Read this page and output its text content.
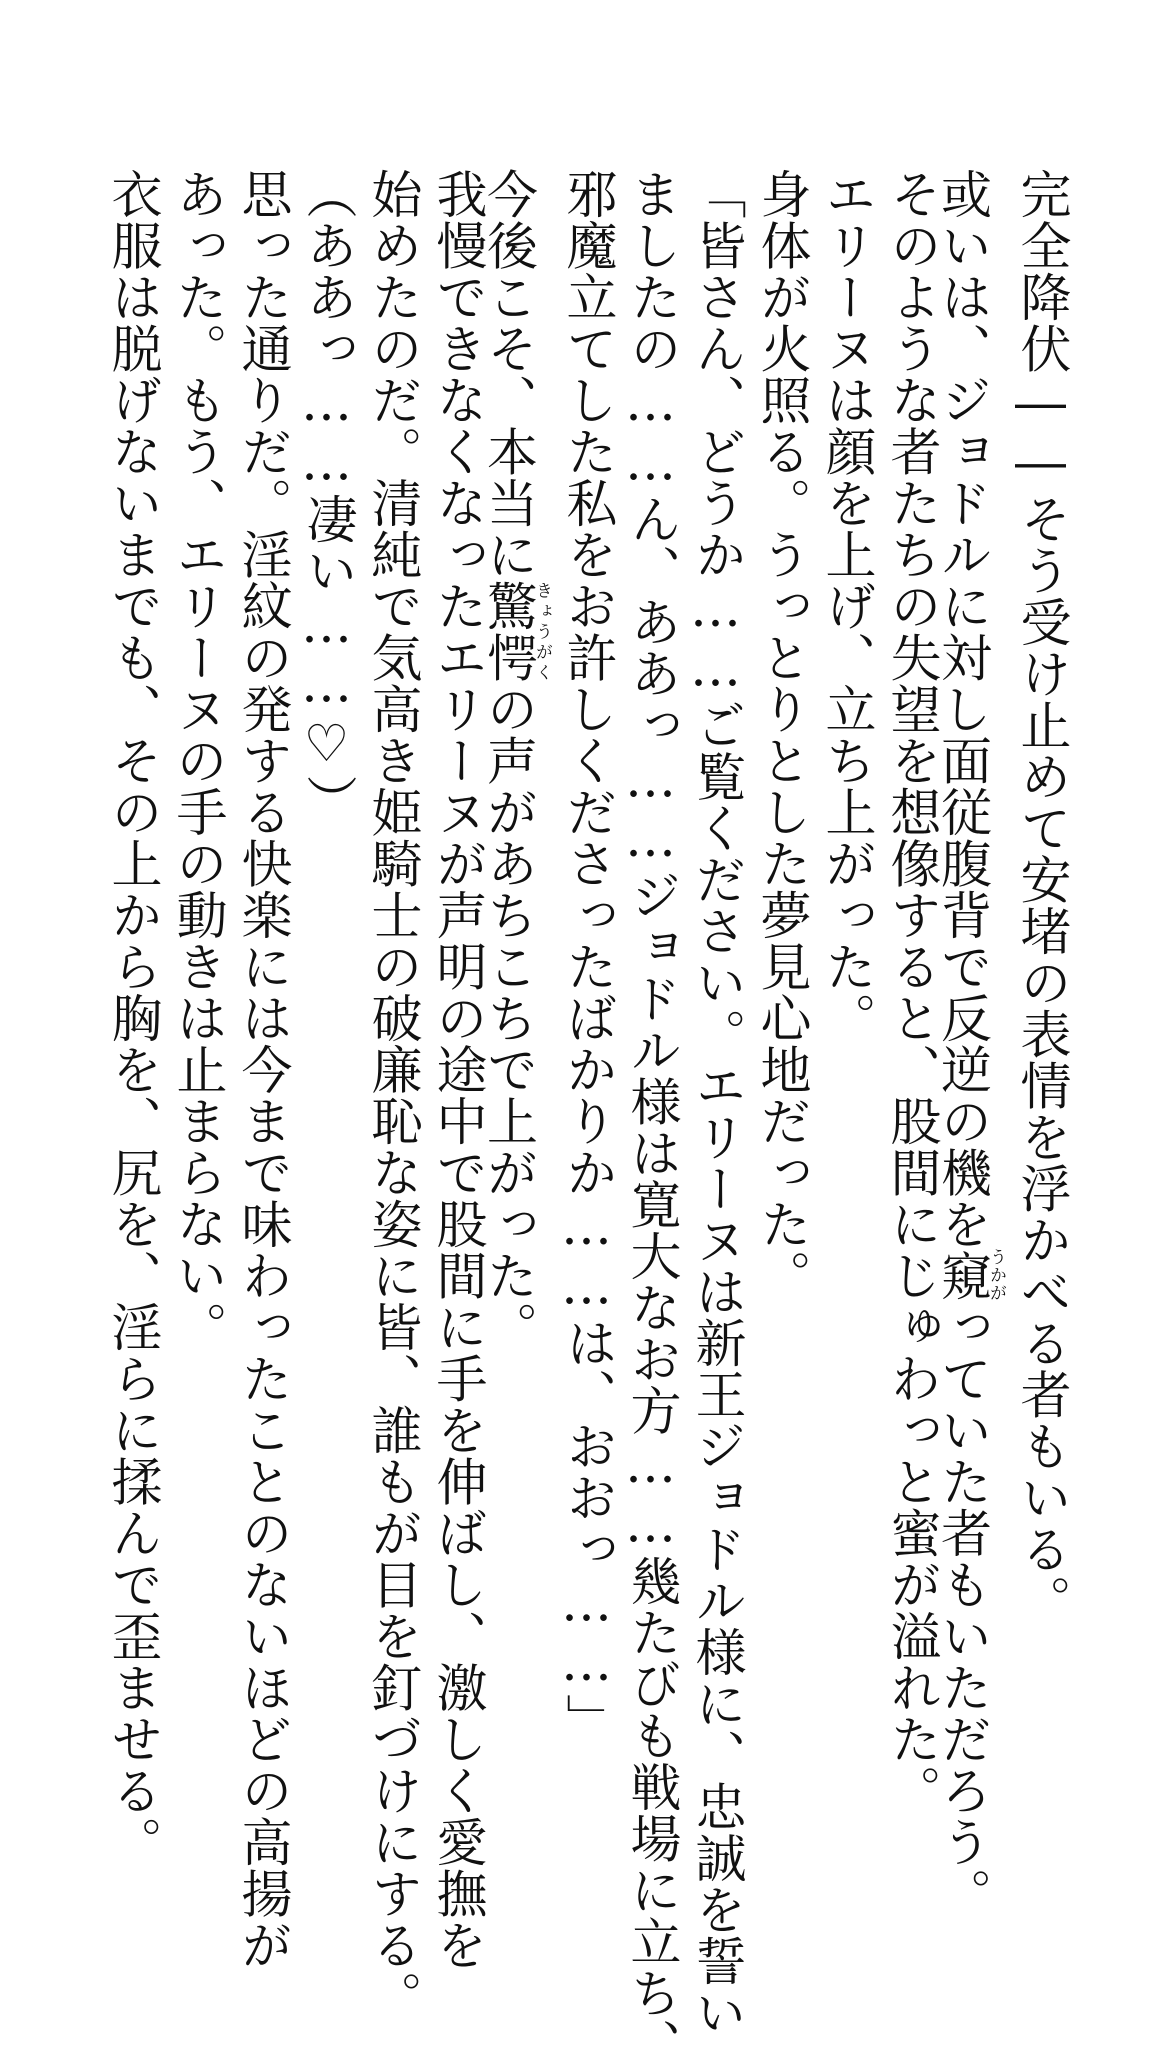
完全降伏――そう受け止めて安堵の表情を浮かべる者もいる。
或いは、ジョドルに対し面従腹背で反逆の機を窺うかがっていた者もいただろう。
そのような者たちの失望を想像すると、股間にじゅわっと蜜が溢れた。
エリーヌは顔を上げ、立ち上がった。
身体が火照る。うっとりとした夢見心地だった。
「皆さん、どうか……ご覧ください。エリーヌは新王ジョドル様に、忠誠を誓い
ましたの……ん、ああっ……ジョドル様は寛大なお方……幾たびも戦場に立ち、
邪魔立てした私をお許しくださったばかりか……は、おおっ……」
今後こそ、本当に驚愕きょうがくの声があちこちで上がった。
我慢できなくなったエリーヌが声明の途中で股間に手を伸ばし、激しく愛撫を
始めたのだ。清純で気高き姫騎士の破廉恥な姿に皆、誰もが目を釘づけにする。
（ああっ……凄い……♡）
思った通りだ。淫紋の発する快楽には今まで味わったことのないほどの高揚が
あった。もう、エリーヌの手の動きは止まらない。
衣服は脱げないまでも、その上から胸を、尻を、淫らに揉んで歪ませる。
